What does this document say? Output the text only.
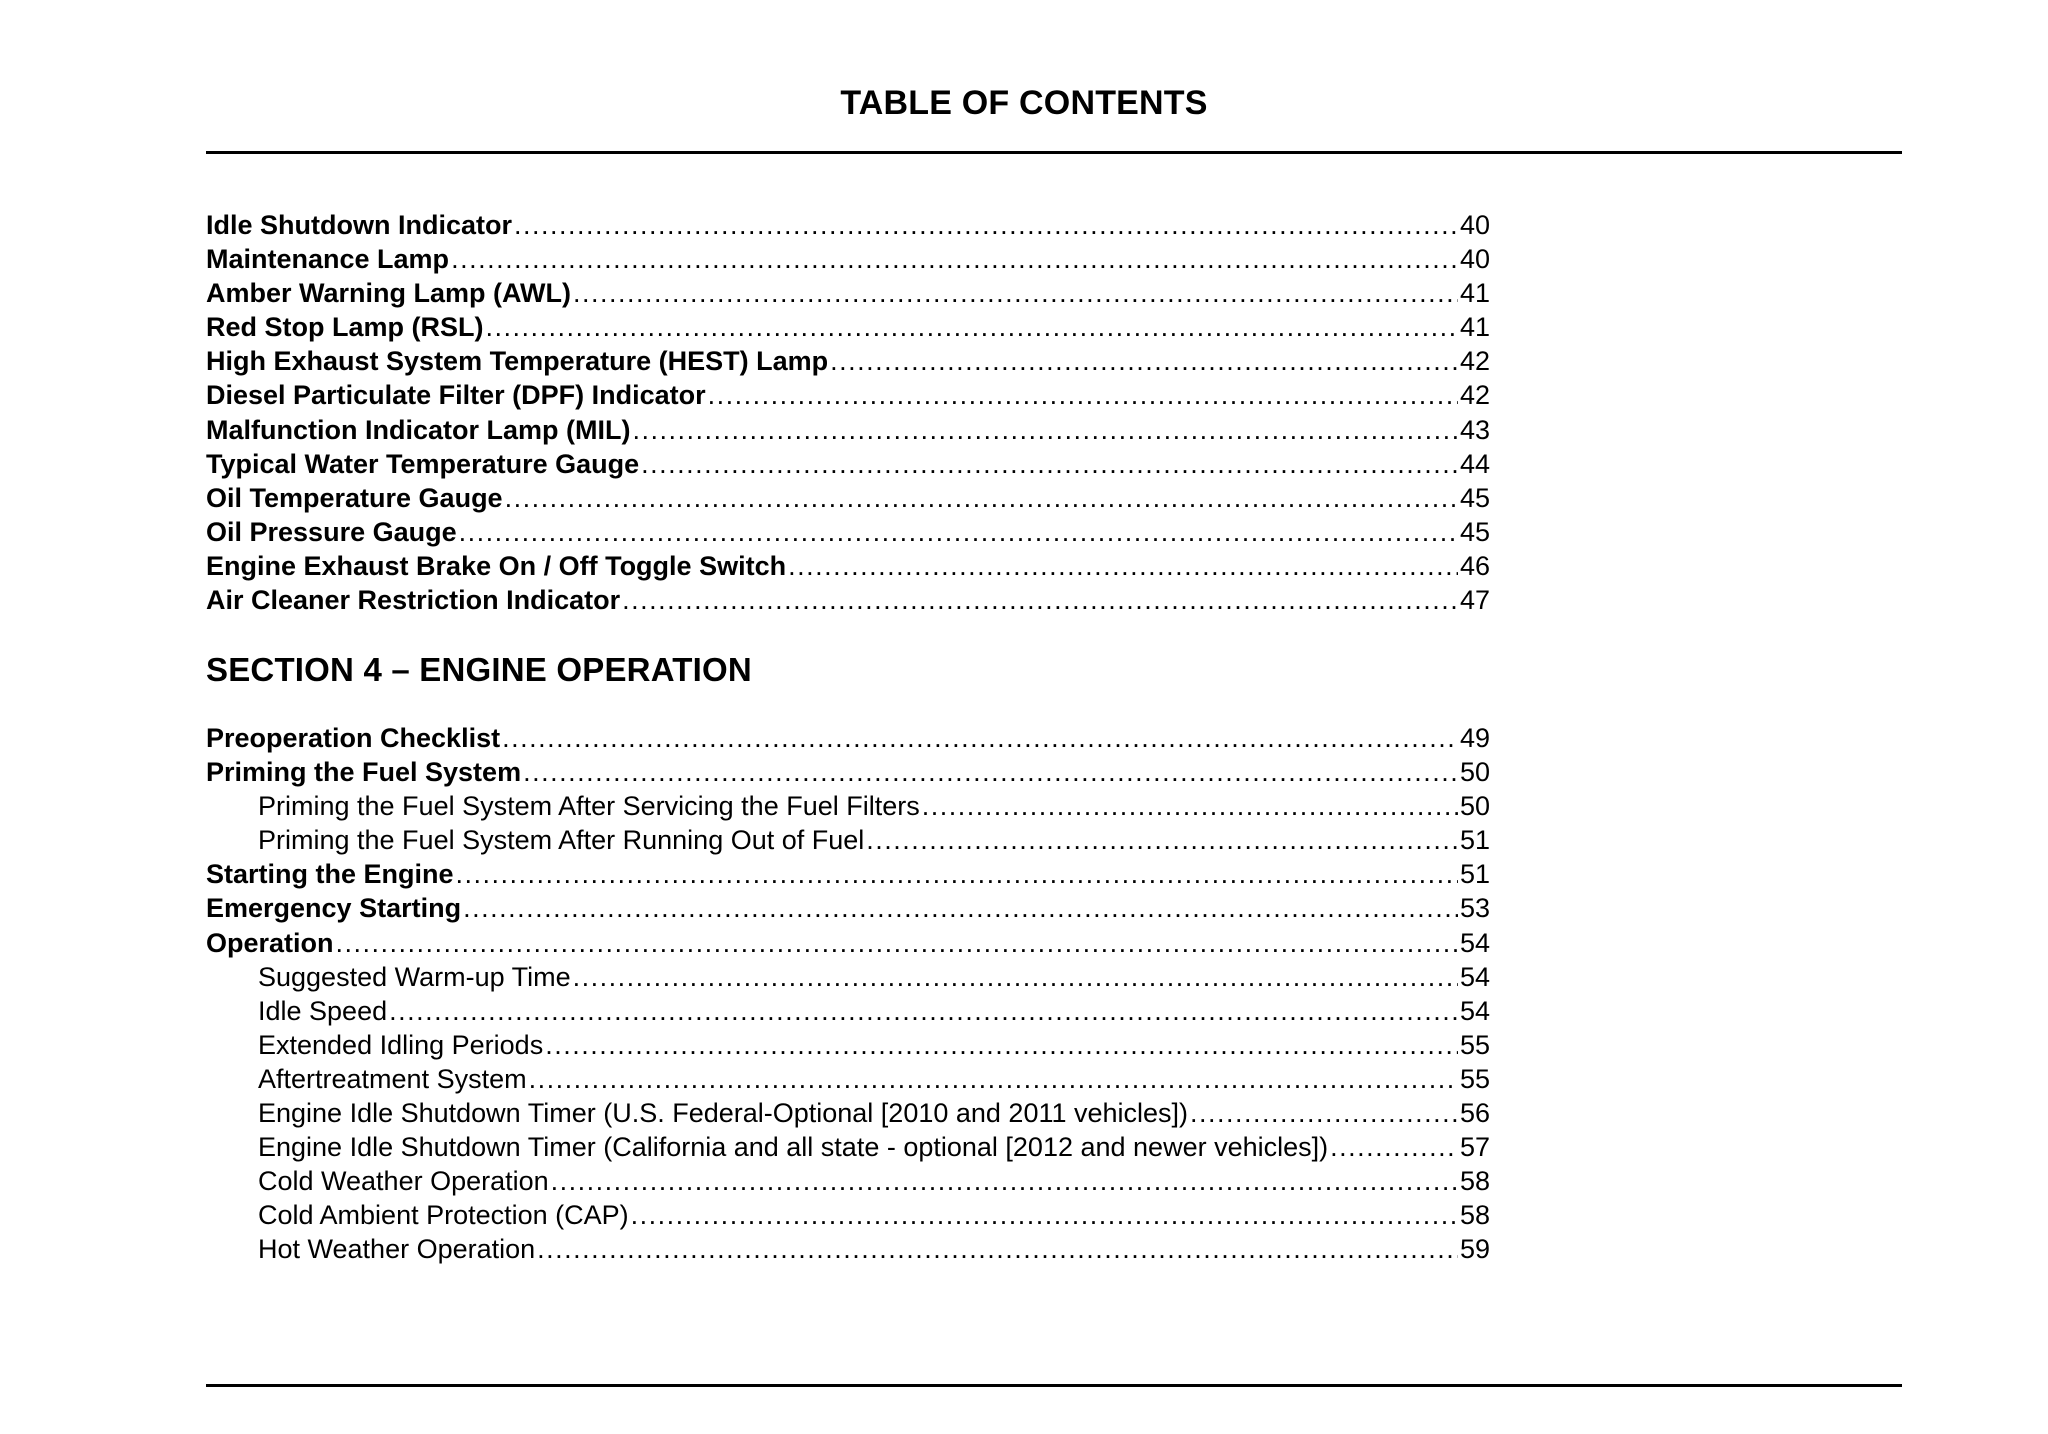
TABLE OF CONTENTS
Idle Shutdown Indicator .....	40
Maintenance Lamp .....	40
Amber Warning Lamp (AWL) .....	41
Red Stop Lamp (RSL) .....	41
High Exhaust System Temperature (HEST) Lamp .....	42
Diesel Particulate Filter (DPF) Indicator .....	42
Malfunction Indicator Lamp (MIL) .....	43
Typical Water Temperature Gauge .....	44
Oil Temperature Gauge .....	45
Oil Pressure Gauge .....	45
Engine Exhaust Brake On / Off Toggle Switch .....	46
Air Cleaner Restriction Indicator .....	47
SECTION 4 – ENGINE OPERATION
Preoperation Checklist .....	49
Priming the Fuel System .....	50
Priming the Fuel System After Servicing the Fuel Filters .....	50
Priming the Fuel System After Running Out of Fuel .....	51
Starting the Engine .....	51
Emergency Starting .....	53
Operation .....	54
Suggested Warm-up Time .....	54
Idle Speed .....	54
Extended Idling Periods .....	55
Aftertreatment System .....	55
Engine Idle Shutdown Timer (U.S. Federal-Optional [2010 and 2011 vehicles]) .....	56
Engine Idle Shutdown Timer (California and all state - optional [2012 and newer vehicles]) .....	57
Cold Weather Operation .....	58
Cold Ambient Protection (CAP) .....	58
Hot Weather Operation .....	59
